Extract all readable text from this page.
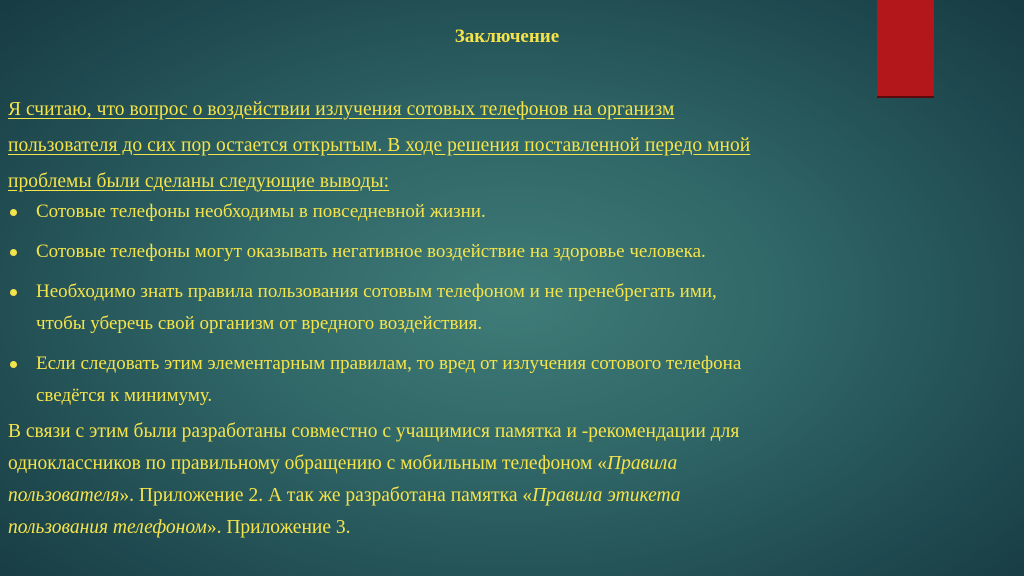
Заключение

Я считаю, что вопрос о воздействии излучения сотовых телефонов на организм
пользователя до сих пор остается открытым. В ходе решения поставленной передо мной
проблемы были сделаны следующие выводы:

Сотовые телефоны необходимы в повседневной жизни.
Сотовые телефоны могут оказывать негативное воздействие на здоровье человека.
Необходимо знать правила пользования сотовым телефоном и не пренебрегать ими,
чтобы уберечь свой организм от вредного воздействия.
Если следовать этим элементарным правилам, то вред от излучения сотового телефона
сведётся к минимуму.

В связи с этим были разработаны совместно с учащимися памятка и -рекомендации для
одноклассников по правильному обращению с мобильным телефоном «Правила
пользователя». Приложение 2. А так же разработана памятка «Правила этикета
пользования телефоном». Приложение 3.
